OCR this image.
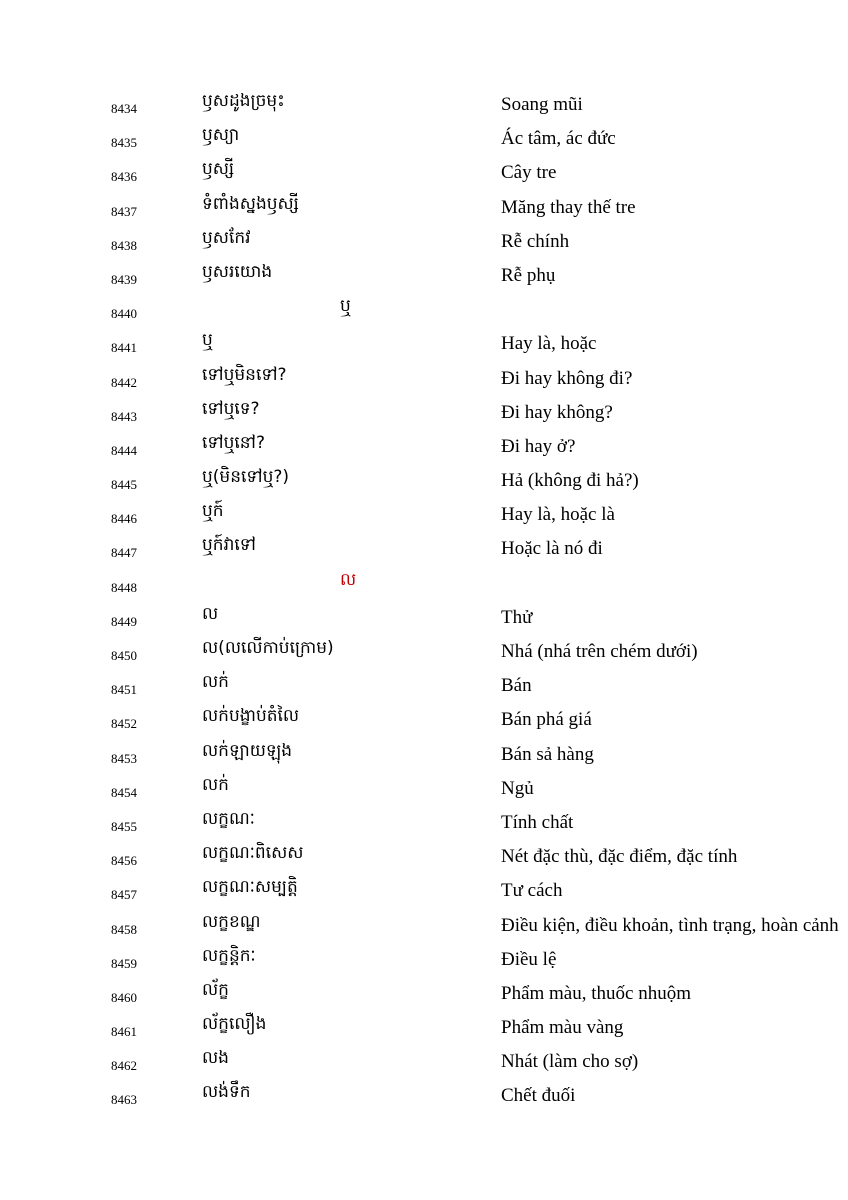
8434	ឫសដូងច្រមុះ	Soang mũi
8435	ឫស្យា	Ác tâm, ác đức
8436	ឫស្សី	Cây tre
8437	ទំពាំងស្នងឫស្សី	Măng thay thế tre
8438	ឫសកែវ	Rễ chính
8439	ឫសរយោង	Rễ phụ
8440	ឬ
8441	ឬ	Hay là, hoặc
8442	ទៅឬមិនទៅ?	Đi hay không đi?
8443	ទៅឬទេ?	Đi hay không?
8444	ទៅឬនៅ?	Đi hay ở?
8445	ឬ(មិនទៅឬ?)	Hả (không đi hả?)
8446	ឬក៍	Hay là, hoặc là
8447	ឬក៍វាទៅ	Hoặc là nó đi
8448	ល
8449	ល	Thử
8450	ល(លលើកាប់ក្រោម)	Nhá (nhá trên chém dưới)
8451	លក់	Bán
8452	លក់បង្ខាប់តំលៃ	Bán phá giá
8453	លក់ឡាយឡុង	Bán sả hàng
8454	លក់	Ngủ
8455	លក្ខណៈ	Tính chất
8456	លក្ខណៈពិសេស	Nét đặc thù, đặc điểm, đặc tính
8457	លក្ខណៈសម្បត្តិ	Tư cách
8458	លក្ខខណ្ឌ	Điều kiện, điều khoản, tình trạng, hoàn cảnh
8459	លក្ខន្តិកៈ	Điều lệ
8460	ល័ក្ខ	Phẩm màu, thuốc nhuộm
8461	ល័ក្ខលឿង	Phẩm màu vàng
8462	លង	Nhát (làm cho sợ)
8463	លង់ទឹក	Chết đuối
